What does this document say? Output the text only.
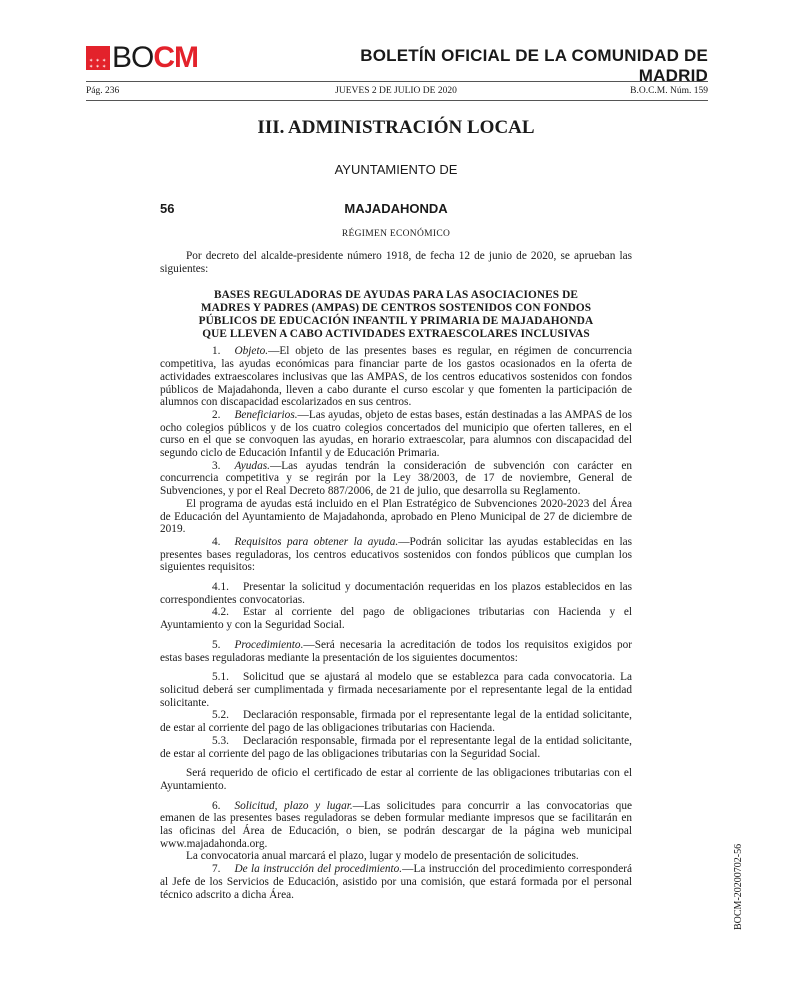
✶ ✶ ✶
✶ ✶ ✶ BOCM	BOLETÍN OFICIAL DE LA COMUNIDAD DE MADRID
Pág. 236	JUEVES 2 DE JULIO DE 2020	B.O.C.M. Núm. 159
III. ADMINISTRACIÓN LOCAL
AYUNTAMIENTO DE
56	MAJADAHONDA
RÉGIMEN ECONÓMICO

Por decreto del alcalde-presidente número 1918, de fecha 12 de junio de 2020, se aprueban las siguientes:

BASES REGULADORAS DE AYUDAS PARA LAS ASOCIACIONES DE
MADRES Y PADRES (AMPAS) DE CENTROS SOSTENIDOS CON FONDOS
PÚBLICOS DE EDUCACIÓN INFANTIL Y PRIMARIA DE MAJADAHONDA
QUE LLEVEN A CABO ACTIVIDADES EXTRAESCOLARES INCLUSIVAS

1. Objeto.—El objeto de las presentes bases es regular, en régimen de concurrencia competitiva, las ayudas económicas para financiar parte de los gastos ocasionados en la oferta de actividades extraescolares inclusivas que las AMPAS, de los centros educativos sostenidos con fondos públicos de Majadahonda, lleven a cabo durante el curso escolar y que fomenten la participación de alumnos con discapacidad escolarizados en sus centros.

2. Beneficiarios.—Las ayudas, objeto de estas bases, están destinadas a las AMPAS de los ocho colegios públicos y de los cuatro colegios concertados del municipio que oferten talleres, en el curso en el que se convoquen las ayudas, en horario extraescolar, para alumnos con discapacidad del segundo ciclo de Educación Infantil y de Educación Primaria.

3. Ayudas.—Las ayudas tendrán la consideración de subvención con carácter en concurrencia competitiva y se regirán por la Ley 38/2003, de 17 de noviembre, General de Subvenciones, y por el Real Decreto 887/2006, de 21 de julio, que desarrolla su Reglamento.

El programa de ayudas está incluido en el Plan Estratégico de Subvenciones 2020-2023 del Área de Educación del Ayuntamiento de Majadahonda, aprobado en Pleno Municipal de 27 de diciembre de 2019.

4. Requisitos para obtener la ayuda.—Podrán solicitar las ayudas establecidas en las presentes bases reguladoras, los centros educativos sostenidos con fondos públicos que cumplan los siguientes requisitos:

4.1. Presentar la solicitud y documentación requeridas en los plazos establecidos en las correspondientes convocatorias.

4.2. Estar al corriente del pago de obligaciones tributarias con Hacienda y el Ayuntamiento y con la Seguridad Social.

5. Procedimiento.—Será necesaria la acreditación de todos los requisitos exigidos por estas bases reguladoras mediante la presentación de los siguientes documentos:

5.1. Solicitud que se ajustará al modelo que se establezca para cada convocatoria. La solicitud deberá ser cumplimentada y firmada necesariamente por el representante legal de la entidad solicitante.

5.2. Declaración responsable, firmada por el representante legal de la entidad solicitante, de estar al corriente del pago de las obligaciones tributarias con Hacienda.

5.3. Declaración responsable, firmada por el representante legal de la entidad solicitante, de estar al corriente del pago de las obligaciones tributarias con la Seguridad Social.

Será requerido de oficio el certificado de estar al corriente de las obligaciones tributarias con el Ayuntamiento.

6. Solicitud, plazo y lugar.—Las solicitudes para concurrir a las convocatorias que emanen de las presentes bases reguladoras se deben formular mediante impresos que se facilitarán en las oficinas del Área de Educación, o bien, se podrán descargar de la página web municipal www.majadahonda.org.

La convocatoria anual marcará el plazo, lugar y modelo de presentación de solicitudes.

7. De la instrucción del procedimiento.—La instrucción del procedimiento corresponderá al Jefe de los Servicios de Educación, asistido por una comisión, que estará formada por el personal técnico adscrito a dicha Área.	BOCM-20200702-56
